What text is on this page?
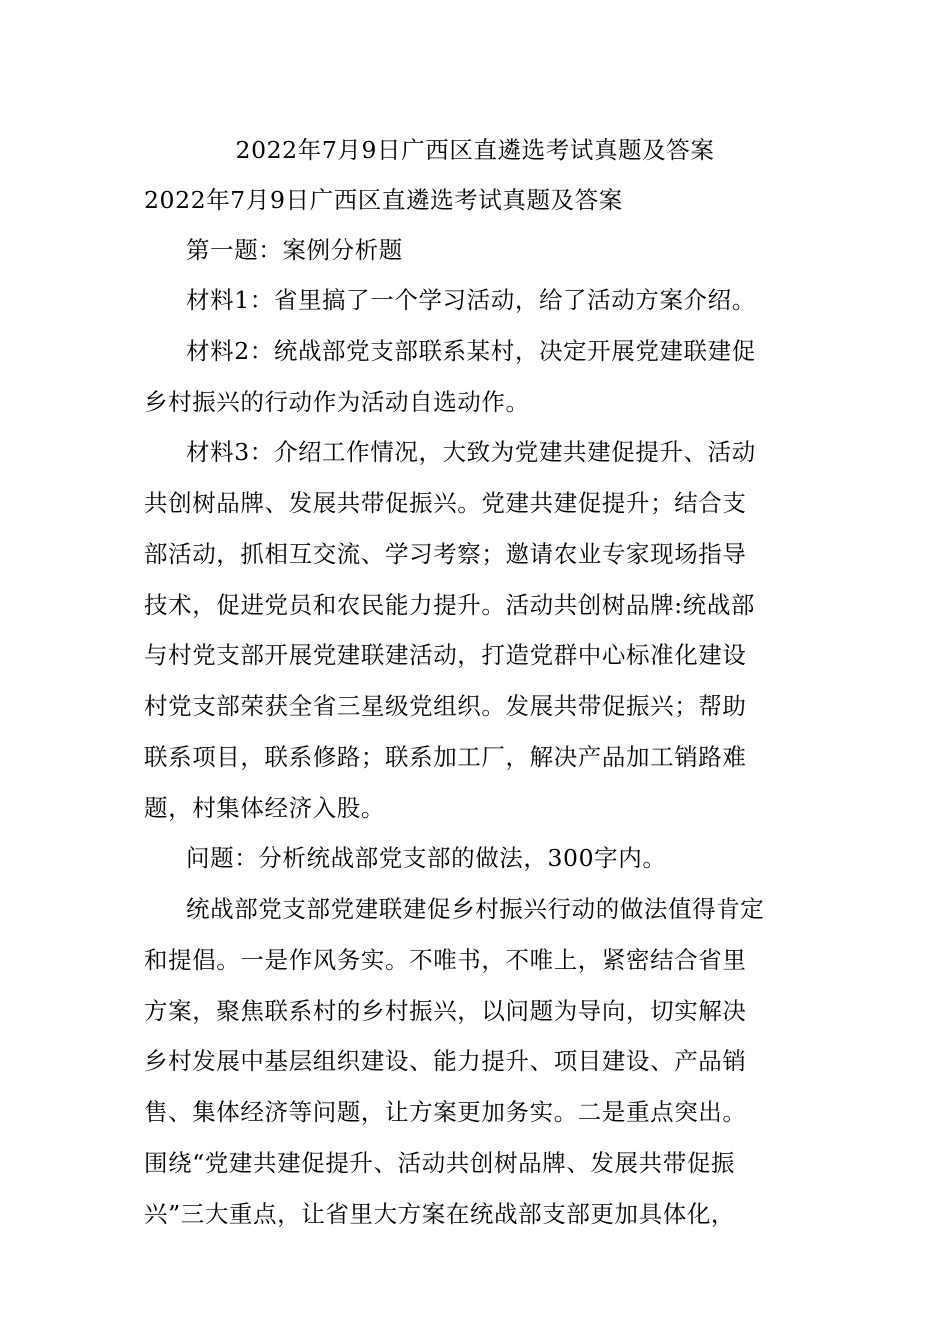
2022年7月9日广西区直遴选考试真题及答案
2022年7月9日广西区直遴选考试真题及答案
第一题：案例分析题
材料1：省里搞了一个学习活动，给了活动方案介绍。
材料2：统战部党支部联系某村，决定开展党建联建促
乡村振兴的行动作为活动自选动作。
材料3：介绍工作情况，大致为党建共建促提升、活动
共创树品牌、发展共带促振兴。党建共建促提升；结合支
部活动，抓相互交流、学习考察；邀请农业专家现场指导
技术，促进党员和农民能力提升。活动共创树品牌:统战部
与村党支部开展党建联建活动，打造党群中心标准化建设
村党支部荣获全省三星级党组织。发展共带促振兴；帮助
联系项目，联系修路；联系加工厂，解决产品加工销路难
题，村集体经济入股。
问题：分析统战部党支部的做法，300字内。
统战部党支部党建联建促乡村振兴行动的做法值得肯定
和提倡。一是作风务实。不唯书，不唯上，紧密结合省里
方案，聚焦联系村的乡村振兴，以问题为导向，切实解决
乡村发展中基层组织建设、能力提升、项目建设、产品销
售、集体经济等问题，让方案更加务实。二是重点突出。
围绕“党建共建促提升、活动共创树品牌、发展共带促振
兴”三大重点，让省里大方案在统战部支部更加具体化，
